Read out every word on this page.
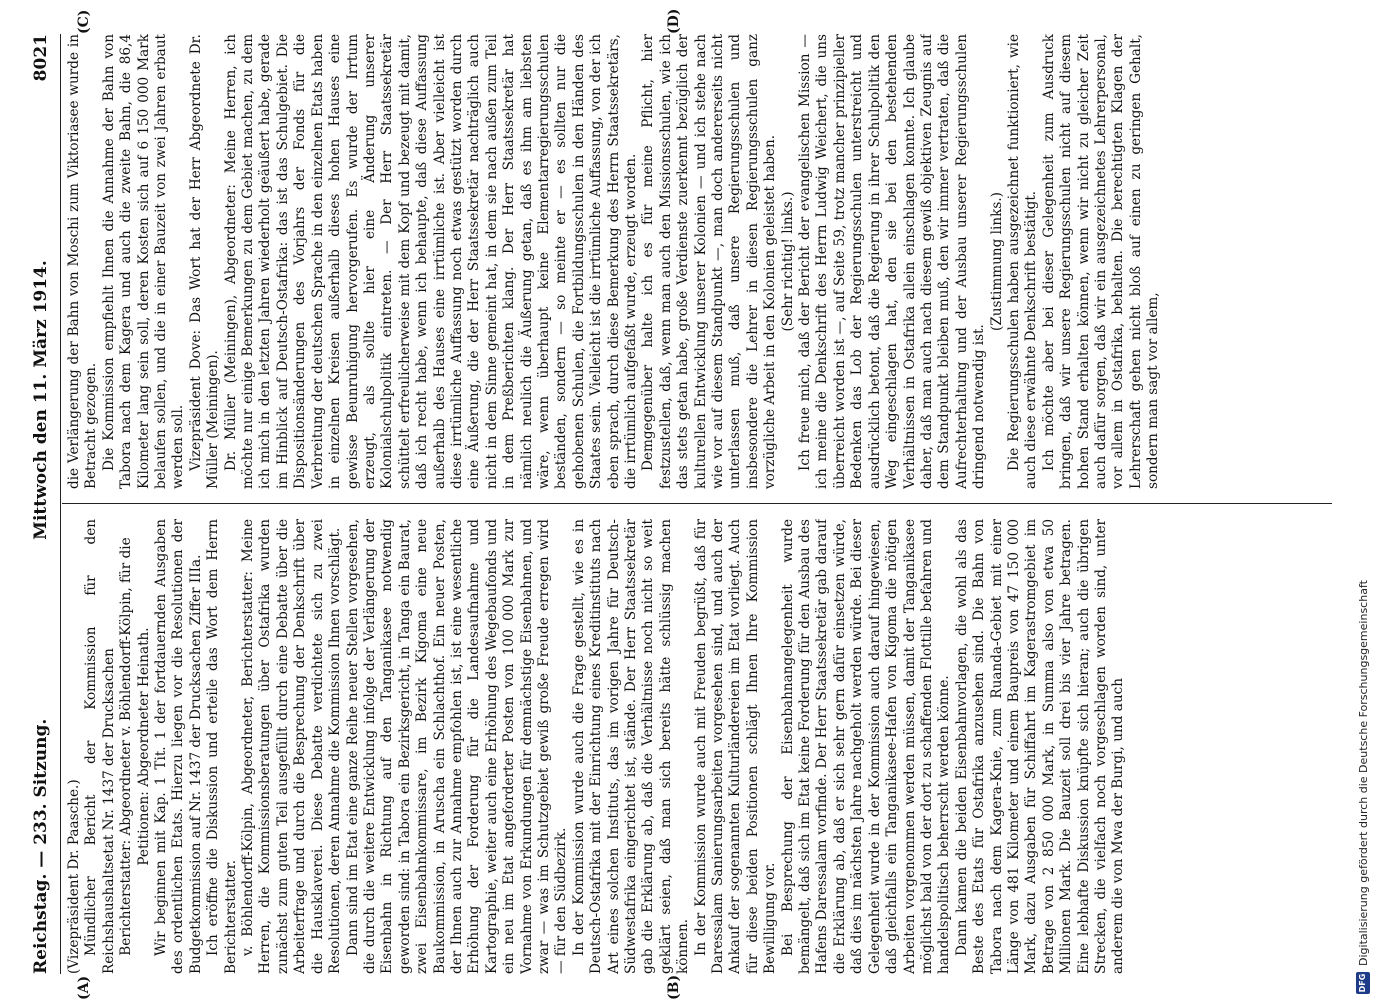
Reichstag. — 233. Sitzung.
Mittwoch den 11. März 1914.
8021
(A)	(B)
(C)	(D)

(Vizepräsident Dr. Paasche.) Mündlicher Bericht der Kommission für den Reichshaushaltsetat Nr. 1437 der Drucksachen Berichterstatter: Abgeordneter v. Böhlendorff-Kölpin, für die Petitionen: Abgeordneter Heinath. Wir beginnen mit Kap. 1 Tit. 1 der fortdauernden Ausgaben des ordentlichen Etats. Hierzu liegen vor die Resolutionen der Budgetkommission auf Nr. 1437 der Drucksachen Ziffer IIIa. Ich eröffne die Diskussion und erteile das Wort dem Herrn Berichterstatter. v. Böhlendorff-Kölpin, Abgeordneter, Berichterstatter: Meine Herren, die Kommissionsberatungen über Ostafrika wurden zunächst zum guten Teil ausgefüllt durch eine Debatte über die Arbeiterfrage und durch die Besprechung der Denkschrift über die Hausklaverei. Diese Debatte verdichtete sich zu zwei Resolutionen, deren Annahme die Kommission Ihnen vorschlägt. Dann sind im Etat eine ganze Reihe neuer Stellen vorgesehen, die durch die weitere Entwicklung infolge der Verlängerung der Eisenbahn in Richtung auf den Tanganikasee notwendig geworden sind: in Tabora ein Bezirksgericht, in Tanga ein Baurat, zwei Eisenbahnkommissare, im Bezirk Kigoma eine neue Baukommission, in Aruscha ein Schlachthof. Ein neuer Posten, der Ihnen auch zur Annahme empfohlen ist, ist eine wesentliche Erhöhung der Forderung für die Landesaufnahme und Kartographie, weiter auch eine Erhöhung des Wegebaufonds und ein neu im Etat angeforderter Posten von 100 000 Mark zur Vornahme von Erkundungen für demnächstige Eisenbahnen, und zwar — was im Schutzgebiet gewiß große Freude erregen wird — für den Südbezirk. In der Kommission wurde auch die Frage gestellt, wie es in Deutsch-Ostafrika mit der Einrichtung eines Kreditinstituts nach Art eines solchen Instituts, das im vorigen Jahre für Deutsch-Südwestafrika eingerichtet ist, stände. Der Herr Staatssekretär gab die Erklärung ab, daß die Verhältnisse noch nicht so weit geklärt seien, daß man sich bereits hätte schlüssig machen können. In der Kommission wurde auch mit Freuden begrüßt, daß für Daressalam Sanierungsarbeiten vorgesehen sind, und auch der Ankauf der sogenannten Kulturländereien im Etat vorliegt. Auch für diese beiden Positionen schlägt Ihnen Ihre Kommission Bewilligung vor. Bei Besprechung der Eisenbahnangelegenheit wurde bemängelt, daß sich im Etat keine Forderung für den Ausbau des Hafens Daressalam vorfinde. Der Herr Staatssekretär gab darauf die Erklärung ab, daß er sich sehr gern dafür einsetzen würde, daß dies im nächsten Jahre nachgeholt werden würde. Bei dieser Gelegenheit wurde in der Kommission auch darauf hingewiesen, daß gleichfalls ein Tanganikasee-Hafen von Kigoma die nötigen Arbeiten vorgenommen werden müssen, damit der Tanganikasee möglichst bald von der dort zu schaffenden Flottille befahren und handelspolitisch beherrscht werden könne. Dann kamen die beiden Eisenbahnvorlagen, die wohl als das Beste des Etats für Ostafrika anzusehen sind. Die Bahn von Tabora nach dem Kagera-Knie, zum Ruanda-Gebiet mit einer Länge von 481 Kilometer und einem Baupreis von 47 150 000 Mark, dazu Ausgaben für Schiffahrt im Kagerastromgebiet im Betrage von 2 850 000 Mark, in Summa also von etwa 50 Millionen Mark. Die Bauzeit soll drei bis vier Jahre betragen. Eine lebhafte Diskussion knüpfte sich hieran; auch die übrigen Strecken, die vielfach noch vorgeschlagen worden sind, unter anderem die von Mwa der Burgi, und auch

die Verlängerung der Bahn von Moschi zum Viktoriasee wurde in Betracht gezogen. Die Kommission empfiehlt Ihnen die Annahme der Bahn von Tabora nach dem Kagera und auch die zweite Bahn, die 86,4 Kilometer lang sein soll, deren Kosten sich auf 6 150 000 Mark belaufen sollen, und die in einer Bauzeit von zwei Jahren erbaut werden soll. Vizepräsident Dove: Das Wort hat der Herr Abgeordnete Dr. Müller (Meiningen). Dr. Müller (Meiningen), Abgeordneter: Meine Herren, ich möchte nur einige Bemerkungen zu dem Gebiet machen, zu dem ich mich in den letzten Jahren wiederholt geäußert habe, gerade im Hinblick auf Deutsch-Ostafrika: das ist das Schulgebiet. Die Dispositionsänderungen des Vorjahrs der Fonds für die Verbreitung der deutschen Sprache in den einzelnen Etats haben in einzelnen Kreisen außerhalb dieses hohen Hauses eine gewisse Beunruhigung hervorgerufen. Es wurde der Irrtum erzeugt, als sollte hier eine Änderung unserer Kolonialschulpolitik eintreten. — Der Herr Staatssekretär schüttelt erfreulicherweise mit dem Kopf und bezeugt mit damit, daß ich recht habe, wenn ich behaupte, daß diese Auffassung außerhalb des Hauses eine irrtümliche ist. Aber vielleicht ist diese irrtümliche Auffassung noch etwas gestützt worden durch eine Äußerung, die der Herr Staatssekretär nachträglich auch nicht in dem Sinne gemeint hat, in dem sie nach außen zum Teil in dem Preßberichten klang. Der Herr Staatssekretär hat nämlich neulich die Äußerung getan, daß es ihm am liebsten wäre, wenn überhaupt keine Elementarregierungsschulen beständen, sondern — so meinte er — es sollten nur die gehobenen Schulen, die Fortbildungsschulen in den Händen des Staates sein. Vielleicht ist die irrtümliche Auffassung, von der ich eben sprach, durch diese Bemerkung des Herrn Staatssekretärs, die irrtümlich aufgefaßt wurde, erzeugt worden. Demgegenüber halte ich es für meine Pflicht, hier festzustellen, daß, wenn man auch den Missionsschulen, wie ich das stets getan habe, große Verdienste zuerkennt bezüglich der kulturellen Entwicklung unserer Kolonien — und ich stehe nach wie vor auf diesem Standpunkt —, man doch andererseits nicht unterlassen muß, daß unsere Regierungsschulen und insbesondere die Lehrer in diesen Regierungsschulen ganz vorzügliche Arbeit in den Kolonien geleistet haben. (Sehr richtig! links.) Ich freue mich, daß der Bericht der evangelischen Mission — ich meine die Denkschrift des Herrn Ludwig Weichert, die uns überreicht worden ist —, auf Seite 59, trotz mancher prinzipieller Bedenken das Lob der Regierungsschulen unterstreicht und ausdrücklich betont, daß die Regierung in ihrer Schulpolitik den Weg eingeschlagen hat, den sie bei den bestehenden Verhältnissen in Ostafrika allein einschlagen konnte. Ich glaube daher, daß man auch nach diesem gewiß objektiven Zeugnis auf dem Standpunkt bleiben muß, den wir immer vertraten, daß die Aufrechterhaltung und der Ausbau unserer Regierungsschulen dringend notwendig ist.

(Zustimmung links.) Die Regierungsschulen haben ausgezeichnet funktioniert, wie auch diese erwähnte Denkschrift bestätigt. Ich möchte aber bei dieser Gelegenheit zum Ausdruck bringen, daß wir unsere Regierungsschulen nicht auf diesem hohen Stand erhalten können, wenn wir nicht zu gleicher Zeit auch dafür sorgen, daß wir ein ausgezeichnetes Lehrerpersonal, vor allem in Ostafrika, behalten. Die berechtigten Klagen der Lehrerschaft gehen nicht bloß auf einen zu geringen Gehalt, sondern man sagt vor allem,

DFG
Digitalisierung gefördert durch die Deutsche Forschungsgemeinschaft
